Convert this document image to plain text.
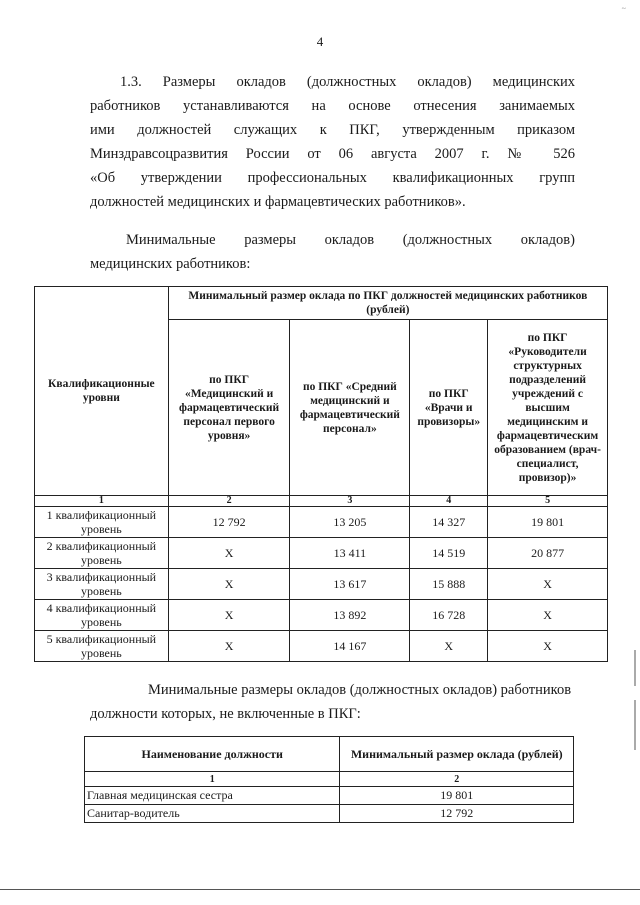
~
4
1.3. Размеры окладов (должностных окладов) медицинских
работников устанавливаются на основе отнесения занимаемых
ими должностей служащих к ПКГ, утвержденным приказом
Минздравсоцразвития России от 06 августа 2007 г. № 526
«Об утверждении профессиональных квалификационных групп
должностей медицинских и фармацевтических работников».
Минимальные размеры окладов (должностных окладов)
медицинских работников:
Квалификационные уровни	Минимальный размер оклада по ПКГ должностей медицинских работников (рублей)			
	по ПКГ «Медицинский и фармацевтический персонал первого уровня»	по ПКГ «Средний медицинский и фармацевтический персонал»	по ПКГ «Врачи и провизоры»	по ПКГ «Руководители структурных подразделений учреждений с высшим медицинским и фармацевтическим образованием (врач-специалист, провизор)»
1	2	3	4	5
1 квалификационный уровень	12 792	13 205	14 327	19 801
2 квалификационный уровень	Х	13 411	14 519	20 877
3 квалификационный уровень	Х	13 617	15 888	Х
4 квалификационный уровень	Х	13 892	16 728	Х
5 квалификационный уровень	Х	14 167	Х	Х
Минимальные размеры окладов (должностных окладов) работников
должности которых, не включенные в ПКГ:
Наименование должности	Минимальный размер оклада (рублей)
1	2
Главная медицинская сестра	19 801
Санитар-водитель	12 792
